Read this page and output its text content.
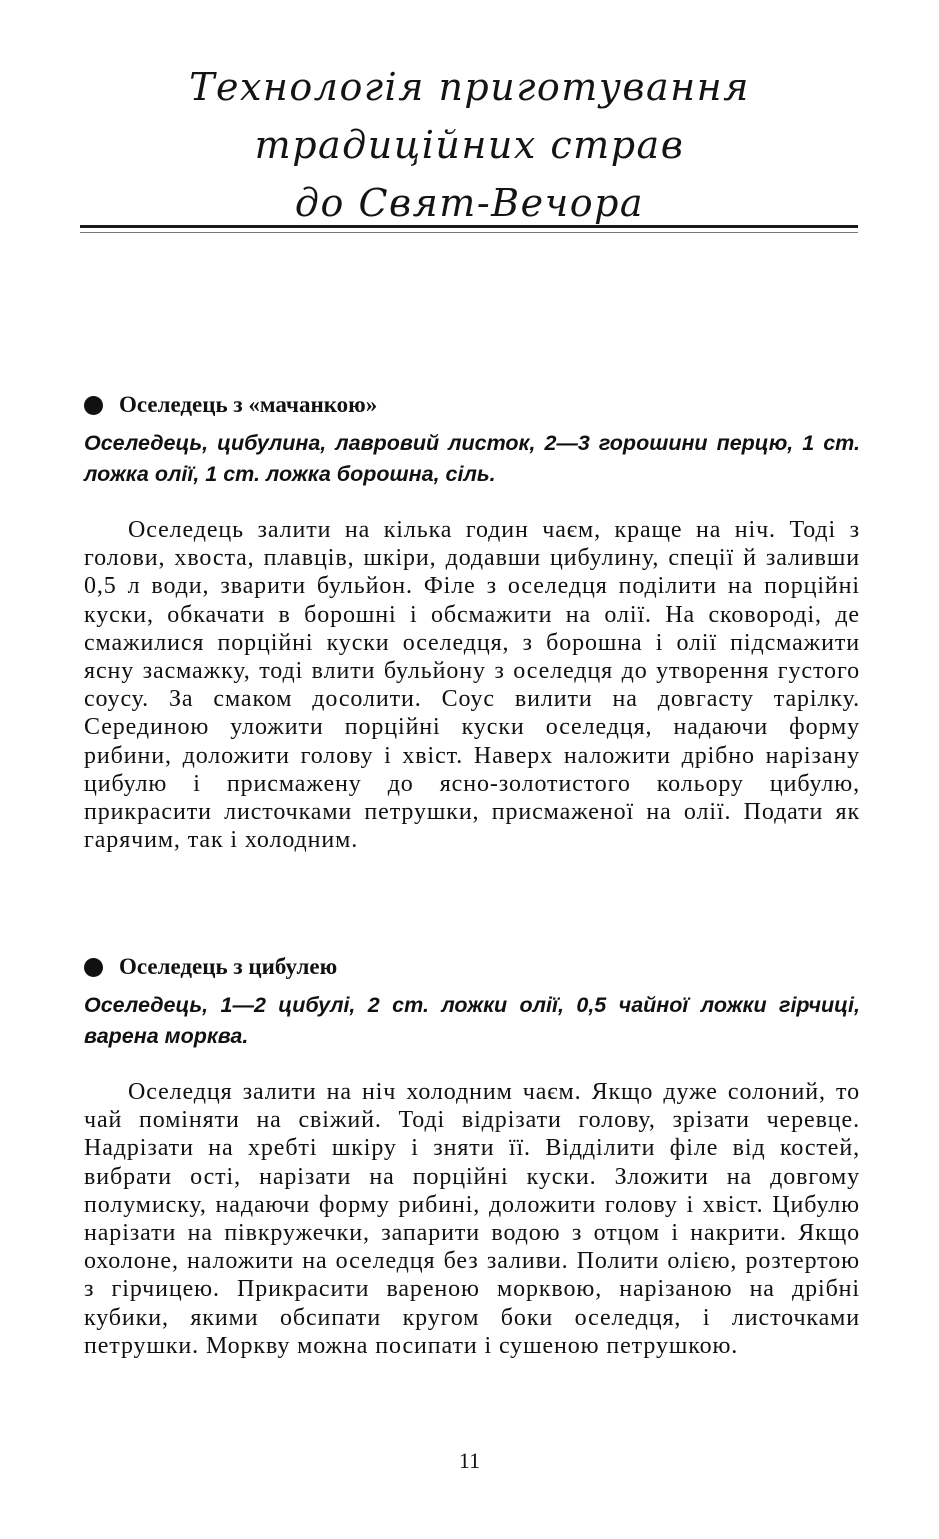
Технологія приготування
традиційних страв
до Свят-Вечора
Оселедець з «мачанкою»

Оселедець, цибулина, лавровий листок, 2—3 горошини перцю, 1 ст. ложка олії, 1 ст. ложка борошна, сіль.

Оселедець залити на кілька годин чаєм, краще на ніч. Тоді з голови, хвоста, плавців, шкіри, додавши цибулину, спеції й заливши 0,5 л води, зварити бульйон. Філе з оселедця поділити на порційні куски, обкачати в борошні і обсмажити на олії. На сковороді, де смажилися порційні куски оселедця, з борошна і олії підсмажити ясну засмажку, тоді влити бульйону з оселедця до утворення густого соусу. За смаком досолити. Соус вилити на довгасту тарілку. Серединою уложити порційні куски оселедця, надаючи форму рибини, доложити голову і хвіст. Наверх наложити дрібно нарізану цибулю і присмажену до ясно-золотистого кольору цибулю, прикрасити листочками петрушки, присмаженої на олії. Подати як гарячим, так і холодним.

Оселедець з цибулею

Оселедець, 1—2 цибулі, 2 ст. ложки олії, 0,5 чайної ложки гірчиці, варена морква.

Оселедця залити на ніч холодним чаєм. Якщо дуже солоний, то чай поміняти на свіжий. Тоді відрізати голову, зрізати черевце. Надрізати на хребті шкіру і зняти її. Відділити філе від костей, вибрати ості, нарізати на порційні куски. Зложити на довгому полумиску, надаючи форму рибині, доложити голову і хвіст. Цибулю нарізати на півкружечки, запарити водою з отцом і накрити. Якщо охолоне, наложити на оселедця без заливи. Полити олією, розтертою з гірчицею. Прикрасити вареною морквою, нарізаною на дрібні кубики, якими обсипати кругом боки оселедця, і листочками петрушки. Моркву можна посипати і сушеною петрушкою.

11
